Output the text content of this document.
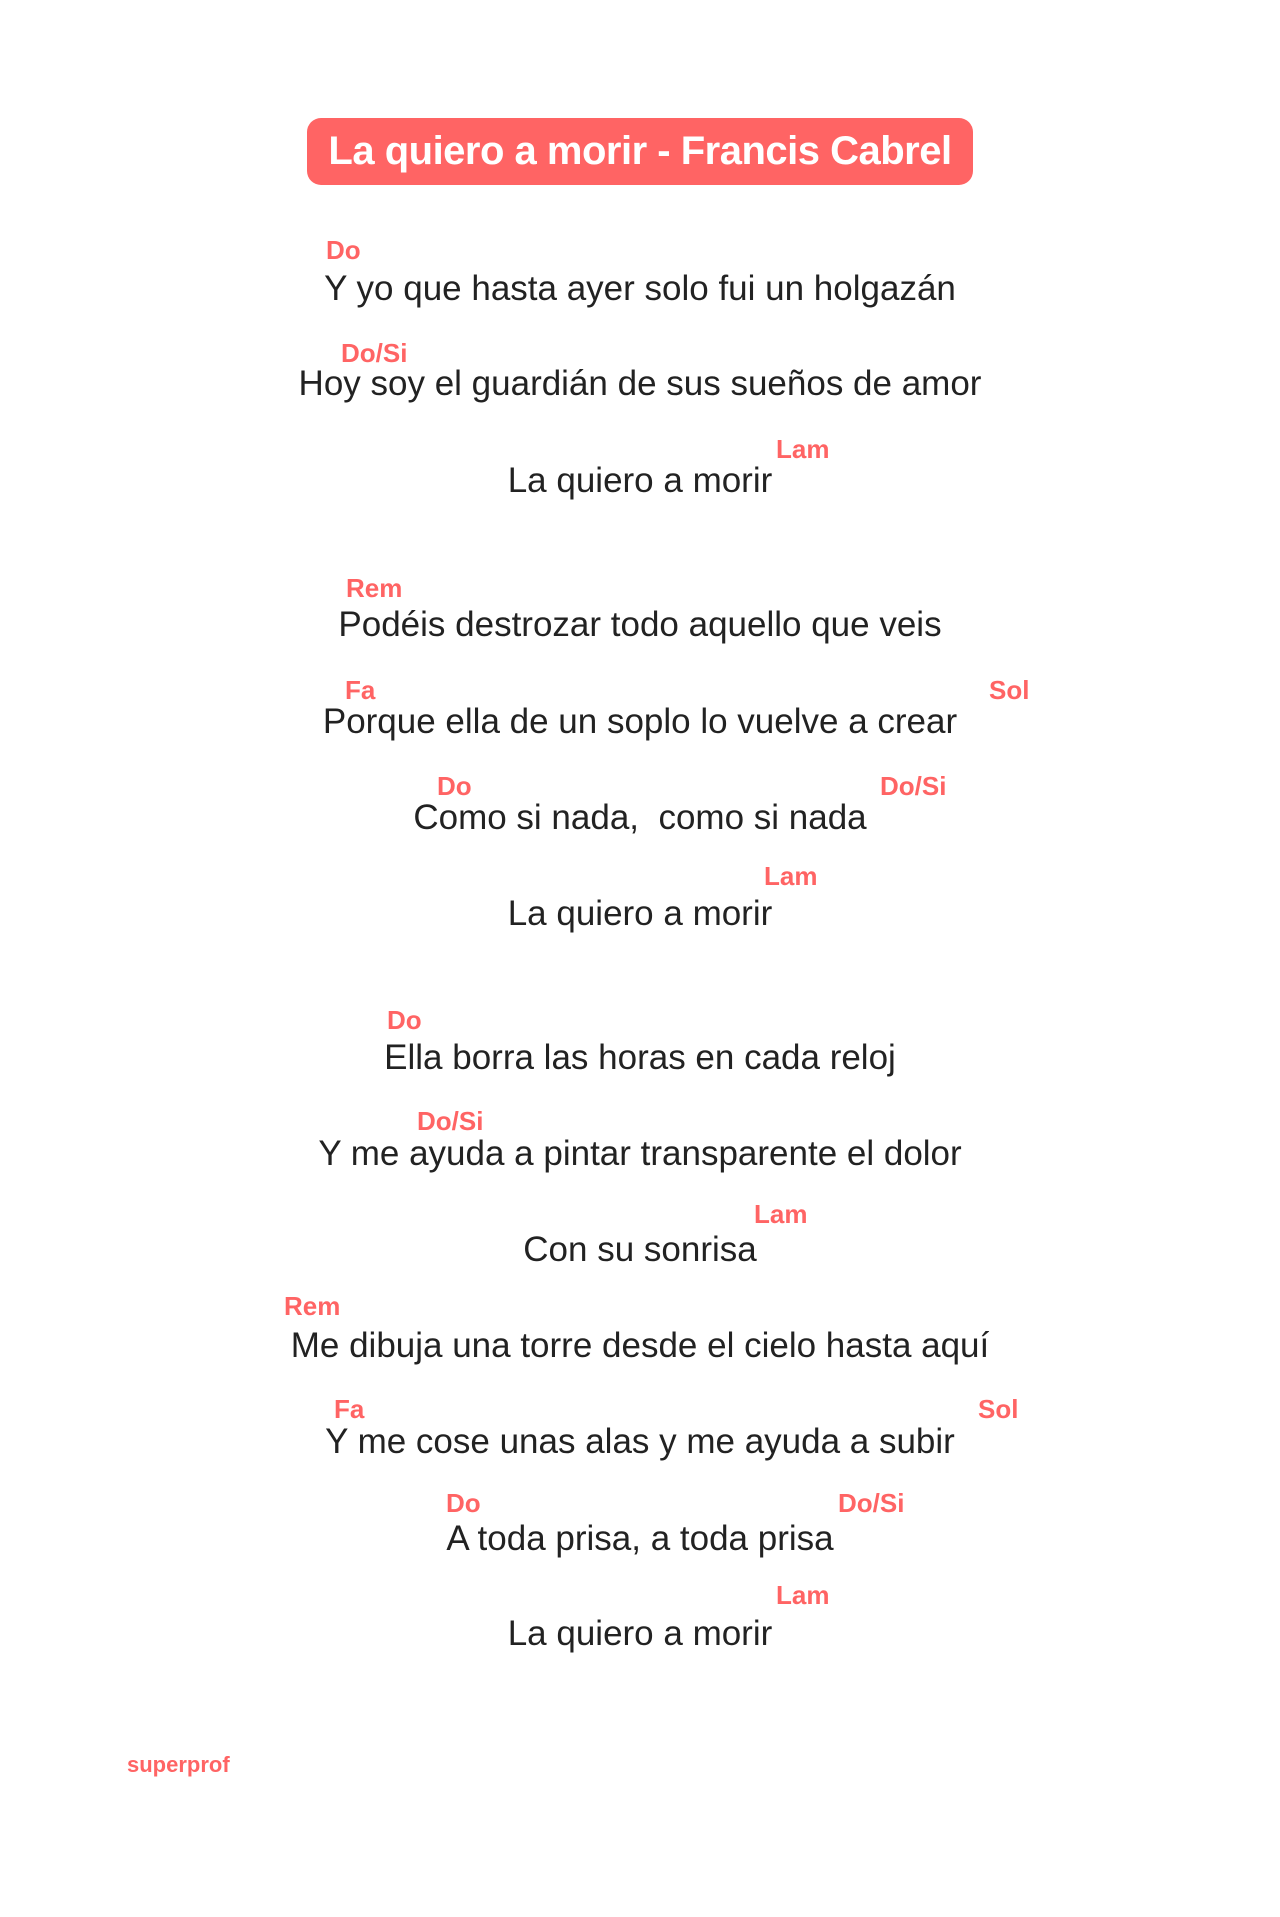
La quiero a morir - Francis Cabrel
Do
Y yo que hasta ayer solo fui un holgazán
Do/Si
Hoy soy el guardián de sus sueños de amor
Lam
La quiero a morir
Rem
Podéis destrozar todo aquello que veis
Fa	Sol
Porque ella de un soplo lo vuelve a crear
Do	Do/Si
Como si nada,  como si nada
Lam
La quiero a morir
Do
Ella borra las horas en cada reloj
Do/Si
Y me ayuda a pintar transparente el dolor
Lam
Con su sonrisa
Rem
Me dibuja una torre desde el cielo hasta aquí
Fa	Sol
Y me cose unas alas y me ayuda a subir
Do	Do/Si
A toda prisa, a toda prisa
Lam
La quiero a morir
superprof
